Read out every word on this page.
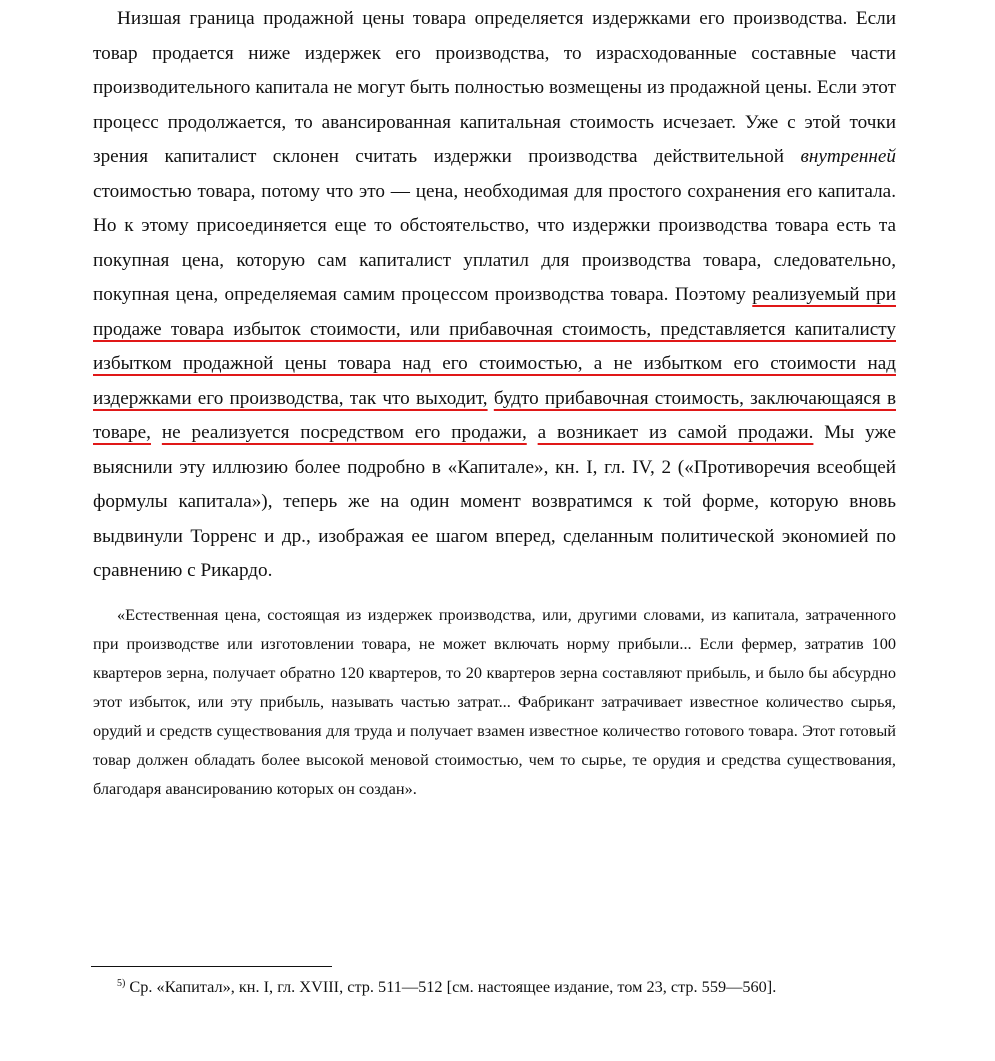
Низшая граница продажной цены товара определяется издержками его производства. Если товар продается ниже издержек его производства, то израсходованные составные части производительного капитала не могут быть полностью возмещены из продажной цены. Если этот процесс продолжается, то авансированная капитальная стоимость исчезает. Уже с этой точки зрения капиталист склонен считать издержки производства действительной внутренней стоимостью товара, потому что это — цена, необходимая для простого сохранения его капитала. Но к этому присоединяется еще то обстоятельство, что издержки производства товара есть та покупная цена, которую сам капиталист уплатил для производства товара, следовательно, покупная цена, определяемая самим процессом производства товара. Поэтому реализуемый при продаже товара избыток стоимости, или прибавочная стоимость, представляется капиталисту избытком продажной цены товара над его стоимостью, а не избытком его стоимости над издержками его производства, так что выходит, будто прибавочная стоимость, заключающаяся в товаре, не реализуется посредством его продажи, а возникает из самой продажи. Мы уже выяснили эту иллюзию более подробно в «Капитале», кн. I, гл. IV, 2 («Противоречия всеобщей формулы капитала»), теперь же на один момент возвратимся к той форме, которую вновь выдвинули Торренс и др., изображая ее шагом вперед, сделанным политической экономией по сравнению с Рикардо.

«Естественная цена, состоящая из издержек производства, или, другими словами, из капитала, затраченного при производстве или изготовлении товара, не может включать норму прибыли... Если фермер, затратив 100 квартеров зерна, получает обратно 120 квартеров, то 20 квартеров зерна составляют прибыль, и было бы абсурдно этот избыток, или эту прибыль, называть частью затрат... Фабрикант затрачивает известное количество сырья, орудий и средств существования для труда и получает взамен известное количество готового товара. Этот готовый товар должен обладать более высокой меновой стоимостью, чем то сырье, те орудия и средства существования, благодаря авансированию которых он создан».

$^{5)}$ Ср. «Капитал», кн. I, гл. XVIII, стр. 511—512 [см. настоящее издание, том 23, стр. 559—560].
